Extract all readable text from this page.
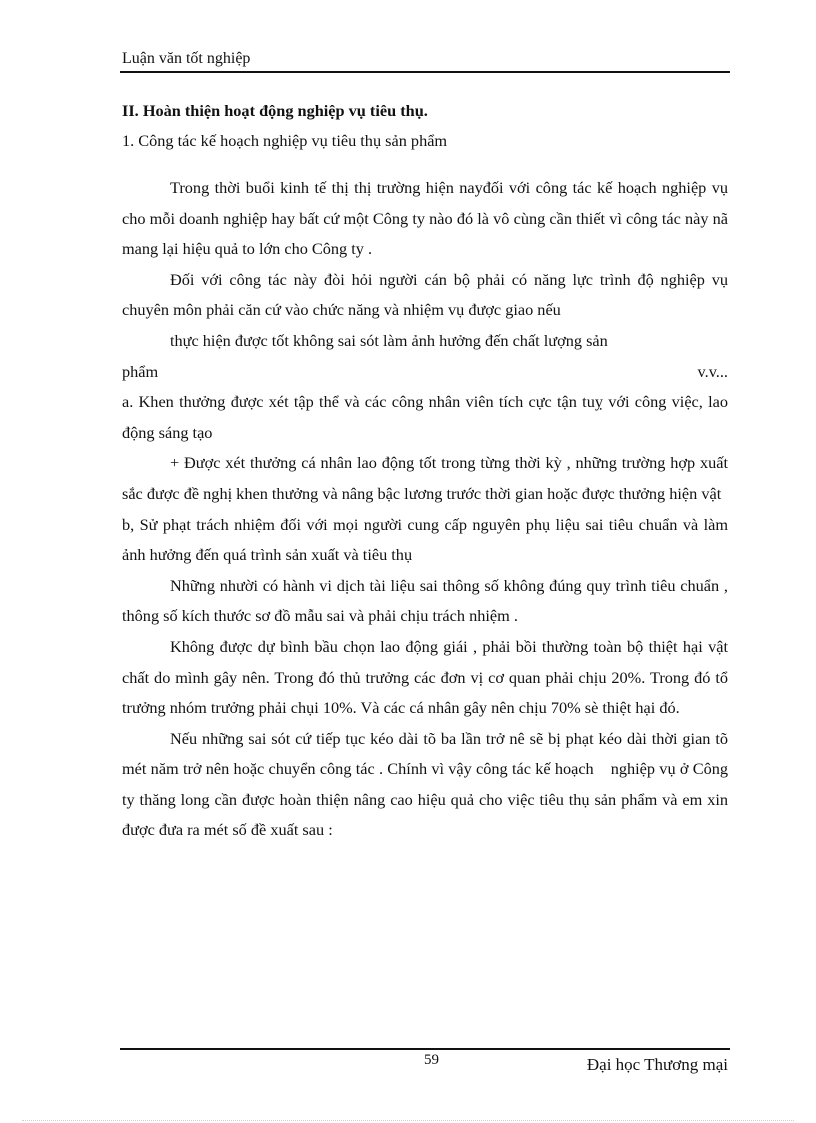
Luận văn tốt nghiệp

II. Hoàn thiện hoạt động nghiệp vụ tiêu thụ.

1. Công tác kế hoạch nghiệp vụ tiêu thụ sản phẩm

Trong thời buổi kinh tế thị thị trường hiện nayđối với công tác kế hoạch nghiệp vụ cho mỗi doanh nghiệp hay bất cứ một Công ty nào đó là vô cùng cần thiết vì công tác này nã mang lại hiệu quả to lớn cho Công ty .

Đối với công tác này đòi hỏi người cán bộ phải có năng lực trình độ nghiệp vụ chuyên môn phải căn cứ vào chức năng và nhiệm vụ được giao nếu

thực hiện được tốt không sai sót làm ảnh hưởng đến chất lượng sản

phẩm	v.v...

a. Khen thưởng được xét tập thể và các công nhân viên tích cực tận tuỵ với công việc, lao động sáng tạo

+ Được xét thưởng cá nhân lao động tốt trong từng thời kỳ , những trường hợp xuất sắc được đề nghị khen thưởng và nâng bậc lương trước thời gian hoặc được thưởng hiện vật

b, Sử phạt trách nhiệm đối với mọi người cung cấp nguyên phụ liệu sai tiêu chuẩn và làm ảnh hưởng đến quá trình sản xuất và tiêu thụ

Những nhười có hành vi dịch tài liệu sai thông số không đúng quy trình tiêu chuẩn , thông số kích thước sơ đồ mẫu sai và phải chịu trách nhiệm .

Không được dự bình bầu chọn lao động giái , phải bồi thường toàn bộ thiệt hại vật chất do mình gây nên. Trong đó thủ trưởng các đơn vị cơ quan phải chịu 20%. Trong đó tổ trưởng nhóm trưởng phải chụi 10%. Và các cá nhân gây nên chịu 70% sè thiệt hại đó.

Nếu những sai sót cứ tiếp tục kéo dài tõ ba lần trở nê sẽ bị phạt kéo dài thời gian tõ mét năm trở nên hoặc chuyển công tác . Chính vì vậy công tác kế hoạch    nghiệp vụ ở Công ty thăng long cần được hoàn thiện nâng cao hiệu quả cho việc tiêu thụ sản phẩm và em xin được đưa ra mét số đề xuất sau :

59	Đại học Thương mại
